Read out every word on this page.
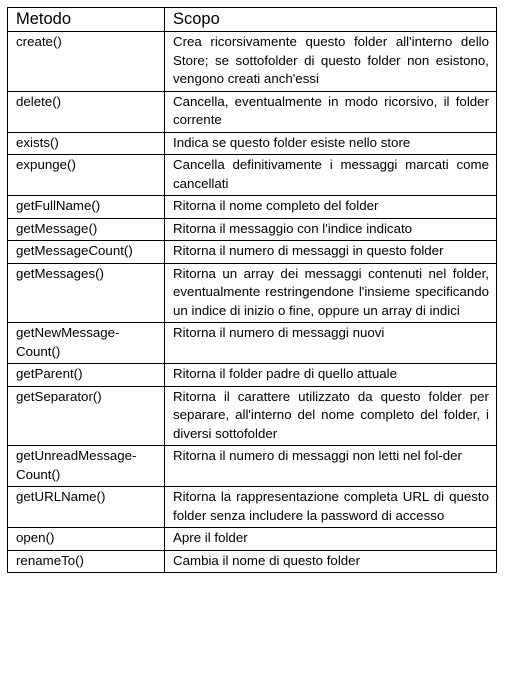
Metodo	Scopo
create()	Crea ricorsivamente questo folder all'interno dello Store; se sottofolder di questo folder non esistono, vengono creati anch'essi
delete()	Cancella, eventualmente in modo ricorsivo, il folder corrente
exists()	Indica se questo folder esiste nello store
expunge()	Cancella definitivamente i messaggi marcati come cancellati
getFullName()	Ritorna il nome completo del folder
getMessage()	Ritorna il messaggio con l'indice indicato
getMessageCount()	Ritorna il numero di messaggi in questo folder
getMessages()	Ritorna un array dei messaggi contenuti nel folder, eventualmente restringendone l'insieme specificando un indice di inizio o fine, oppure un array di indici
getNewMessage-Count()	Ritorna il numero di messaggi nuovi
getParent()	Ritorna il folder padre di quello attuale
getSeparator()	Ritorna il carattere utilizzato da questo folder per separare, all'interno del nome completo del folder, i diversi sottofolder
getUnreadMessage-Count()	Ritorna il numero di messaggi non letti nel fol-der
getURLName()	Ritorna la rappresentazione completa URL di questo folder senza includere la password di accesso
open()	Apre il folder
renameTo()	Cambia il nome di questo folder
